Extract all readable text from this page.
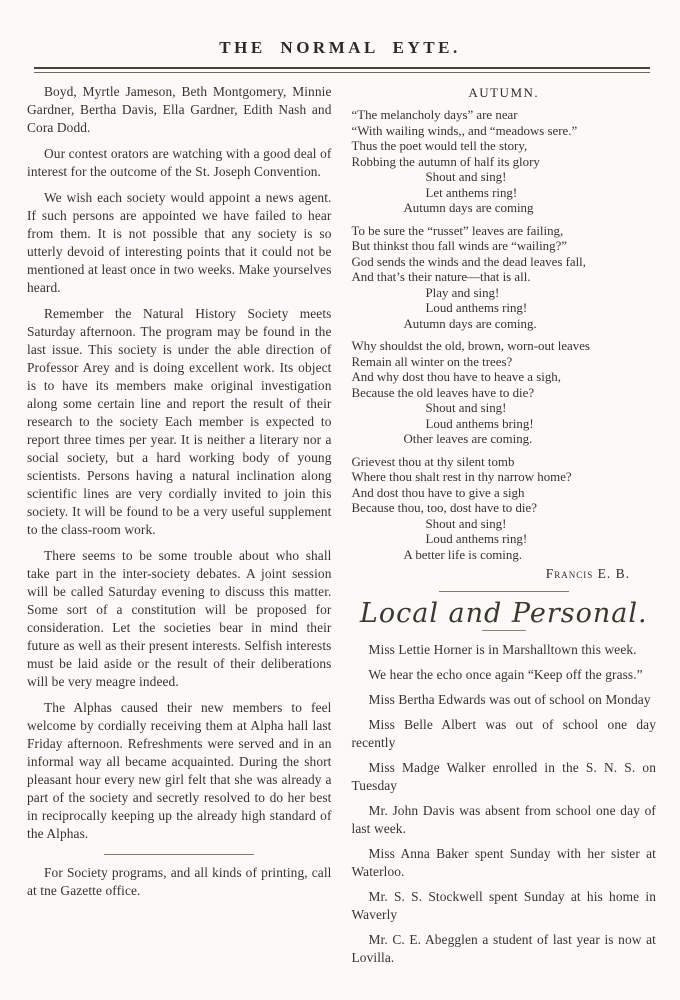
THE NORMAL EYTE.

Boyd, Myrtle Jameson, Beth Montgomery, Minnie Gardner, Bertha Davis, Ella Gardner, Edith Nash and Cora Dodd.

Our contest orators are watching with a good deal of interest for the outcome of the St. Joseph Convention.

We wish each society would appoint a news agent. If such persons are appointed we have failed to hear from them. It is not possible that any society is so utterly devoid of interesting points that it could not be mentioned at least once in two weeks. Make yourselves heard.

Remember the Natural History Society meets Saturday afternoon. The program may be found in the last issue. This society is under the able direction of Professor Arey and is doing excellent work. Its object is to have its members make original investigation along some certain line and report the result of their research to the society Each member is expected to report three times per year. It is neither a literary nor a social society, but a hard working body of young scientists. Persons having a natural inclination along scientific lines are very cordially invited to join this society. It will be found to be a very useful supplement to the class-room work.

There seems to be some trouble about who shall take part in the inter-society debates. A joint session will be called Saturday evening to discuss this matter. Some sort of a constitution will be proposed for consideration. Let the societies bear in mind their future as well as their present interests. Selfish interests must be laid aside or the result of their deliberations will be very meagre indeed.

The Alphas caused their new members to feel welcome by cordially receiving them at Alpha hall last Friday afternoon. Refreshments were served and in an informal way all became acquainted. During the short pleasant hour every new girl felt that she was already a part of the society and secretly resolved to do her best in reciprocally keeping up the already high standard of the Alphas.

For Society programs, and all kinds of printing, call at tne Gazette office.

AUTUMN.
“The melancholy days” are near
“With wailing winds,, and “meadows sere.”
Thus the poet would tell the story,
Robbing the autumn of half its glory
Shout and sing!
Let anthems ring!
Autumn days are coming
To be sure the “russet” leaves are failing,
But thinkst thou fall winds are “wailing?”
God sends the winds and the dead leaves fall,
And that’s their nature—that is all.
Play and sing!
Loud anthems ring!
Autumn days are coming.
Why shouldst the old, brown, worn-out leaves
Remain all winter on the trees?
And why dost thou have to heave a sigh,
Because the old leaves have to die?
Shout and sing!
Loud anthems bring!
Other leaves are coming.
Grievest thou at thy silent tomb
Where thou shalt rest in thy narrow home?
And dost thou have to give a sigh
Because thou, too, dost have to die?
Shout and sing!
Loud anthems ring!
A better life is coming.
Francis E. B.
Local and Personal.

Miss Lettie Horner is in Marshalltown this week.

We hear the echo once again “Keep off the grass.”

Miss Bertha Edwards was out of school on Monday

Miss Belle Albert was out of school one day recently

Miss Madge Walker enrolled in the S. N. S. on Tuesday

Mr. John Davis was absent from school one day of last week.

Miss Anna Baker spent Sunday with her sister at Waterloo.

Mr. S. S. Stockwell spent Sunday at his home in Waverly

Mr. C. E. Abegglen a student of last year is now at Lovilla.
